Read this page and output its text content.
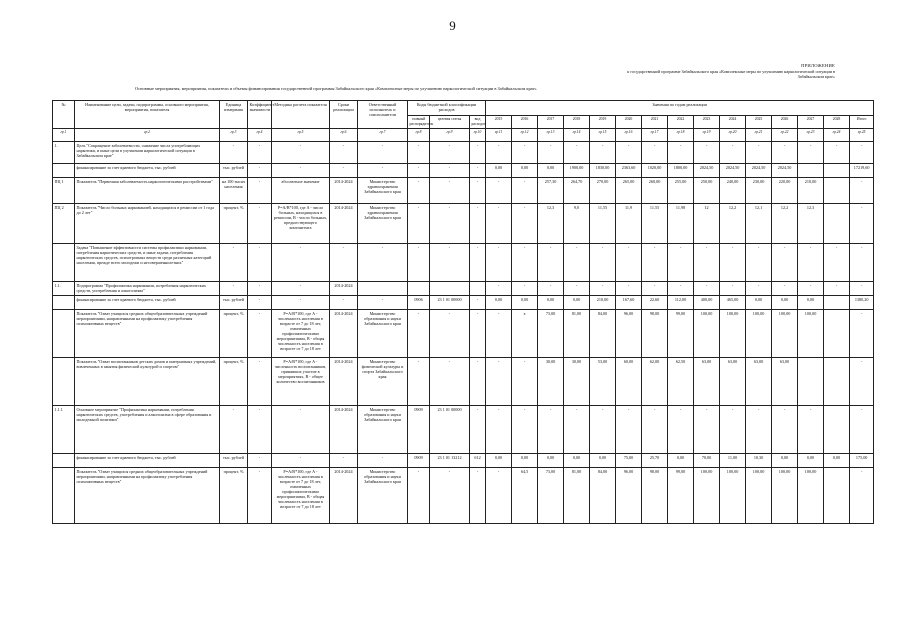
9
ПРИЛОЖЕНИЕ
к государственной программе Забайкальского края «Комплексные меры по улучшению наркологической ситуации в
Забайкальском крае»
Основные мероприятия, мероприятия, показатели и объемы финансирования государственной программы Забайкальского края «Комплексные меры по улучшению наркологической ситуации в Забайкальском крае»
№	Наименование цели, задачи, подпрограммы, основного мероприятия, мероприятия, показателя	Единица измерения	Коэффициент значимости	Методика расчета показателя	Сроки реализации	Ответственный исполнитель и соисполнители	Коды бюджетной классификации расходов			Значения по годам реализации														
							главный распорядитель	целевая статья	вид расходов	2015	2016	2017	2018	2019	2020	2021	2022	2023	2024	2025	2026	2027	2028	Итого
гр.1	гр.2	гр.3	гр.4	гр.5	гр.6	гр.7	гр.8	гр.9	гр.10	гр.11	гр.12	гр.13	гр.14	гр.15	гр.16	гр.17	гр.18	гр.19	гр.20	гр.21	гр.22	гр.23	гр.24	гр.25
1.	Цель "Сокращение заболеваемости, снижение числа употребляющих наркотики, и иные цели в улучшении наркологической ситуации в Забайкальском крае"	-	-	-	-	-	-	-	-	-	-	-	-	-	-	-	-	-	-	-	-	-	-	-
	финансирование за счет краевого бюджета, тыс. рублей	тыс. рублей	-	-	-	-	-	-	-	0,00	0,00	0,00	1900,00	1830,00	2363,60	1020,00	1800,00	2024,50	2024,50	2024,50	2024,50			17219,60
ПЦ 1	Показатель "Первичная заболеваемость наркологическими расстройствами"	на 100 тысяч населения	-	абсолютное значение	2014-2024	Министерство здравоохранения Забайкальского края	-	-	-	-	-	257,30	264,70	270,00	265,00	260,00	255,00	250,00	240,00	230,00	220,00	210,00		-
ПЦ 2	Показатель "Число больных наркоманией, находящихся в ремиссии от 1 года до 2 лет"	процент, %	-	P=A/B*100, где A - число больных, находящихся в ремиссии, В - число больных, предшествующего контингента	2014-2024	Министерство здравоохранения Забайкальского края	-	-	-	-	-	12,3	9,0	11,55	11,9	11,55	11,98	12	12,2	12,1	12,2	12,3		-
	Задача "Повышение эффективности системы профилактики наркомании, потребления наркотических средств, и иные задачи, потребления наркотических средств, психотропных веществ среди различных категорий населения, прежде всего молодежи и несовершеннолетних"	-	-	-	-	-	-	-	-	-	-	-	-	-	-	-	-	-	-	-	-	-	-	-
1.1.	Подпрограмма "Профилактика наркомании, потребления наркотических средств, употребления и алкоголизма"	-	-	-	2014-2024					-	-	-	-	-	-	-	-	-	-	-	-	-	-	-
	финансирование за счет краевого бюджета, тыс. рублей	тыс. рублей	-	-	-	-	0906	23 1 01 00000	-	0,00	0,00	0,00	0,00	210,00	167,60	22,60	112,00	400,00	465,00	0,00	0,00	0,00		1380,20
	Показатель "Охват учащихся средних общеобразовательных учреждений мероприятиями, направленными на профилактику употребления психоактивных веществ"	процент, %	-	P=A/B*100, где А - численность населения в возрасте от 7 до 18 лет, охваченных профилактическими мероприятиями, В - общая численность населения в возрасте от 7 до 18 лет	2014-2024	Министерство образования и науки Забайкальского края	-	-	-	-	x	73,00	81,00	84,00	96,00	98,00	99,00	100,00	100,00	100,00	100,00	100,00		-
	Показатель "Охват воспитанников детских домов и интернатных учреждений, вовлеченных в занятия физической культурой и спортом"	процент, %	-	P=A/B*100, где А - численность воспитанников, принявших участие в мероприятиях, В - общее количество воспитанников	2014-2024	Министерство физической культуры и спорта Забайкальского края	-	-	-	-	-	30,00	30,00	53,00	60,00	62,00	62,50	63,00	63,00	63,00	63,00			-
1.1.1	Основное мероприятие "Профилактика наркомании, потребления наркотических средств, употребления и алкоголизма в сфере образования и молодежной политики"	-	-	-	2014-2024	Министерство образования и науки Забайкальского края	0909	23 1 01 00000	-	-	-	-	-	-	-	-	-	-	-	-	-	-		-
	финансирование за счет краевого бюджета, тыс. рублей	тыс. рублей	-	-	-	-	0909	23 1 01 13212	612	0,00	0,00	0,00	0,00	0,00	75,00	25,70	0,00	70,00	11,00	10,30	0,00	0,00	0,00	175,00
	Показатель "Охват учащихся средних общеобразовательных учреждений мероприятиями, направленными на профилактику употребления психоактивных веществ"	процент, %	-	P=A/B*100, где А - численность населения в возрасте от 7 до 18 лет, охваченных профилактическими мероприятиями, В - общая численность населения в возрасте от 7 до 18 лет	2014-2024	Министерство образования и науки Забайкальского края	-	-	-	-	64,5	73,00	81,00	84,00	96,00	98,00	99,00	100,00	100,00	100,00	100,00	100,00		-
